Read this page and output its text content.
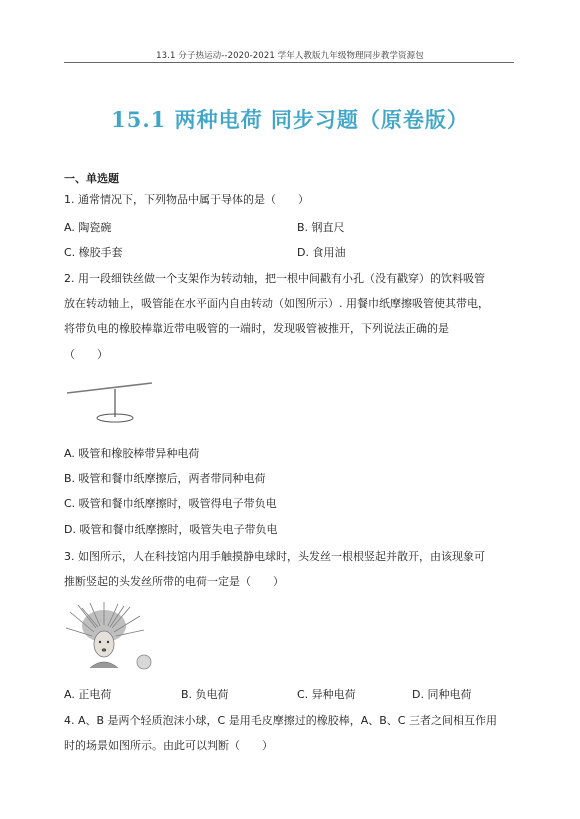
13.1 分子热运动--2020-2021 学年人教版九年级物理同步教学资源包
15.1 两种电荷 同步习题（原卷版）
一、单选题
1. 通常情况下，下列物品中属于导体的是（　　）
A. 陶瓷碗	B. 钢直尺
C. 橡胶手套	D. 食用油
2. 用一段细铁丝做一个支架作为转动轴，把一根中间戳有小孔（没有戳穿）的饮料吸管
放在转动轴上，吸管能在水平面内自由转动（如图所示）. 用餐巾纸摩擦吸管使其带电，
将带负电的橡胶棒靠近带电吸管的一端时，发现吸管被推开，下列说法正确的是
（　　）
A. 吸管和橡胶棒带异种电荷
B. 吸管和餐巾纸摩擦后，两者带同种电荷
C. 吸管和餐巾纸摩擦时，吸管得电子带负电
D. 吸管和餐巾纸摩擦时，吸管失电子带负电
3. 如图所示，人在科技馆内用手触摸静电球时，头发丝一根根竖起并散开，由该现象可
推断竖起的头发丝所带的电荷一定是（　　）
A. 正电荷	B. 负电荷	C. 异种电荷	D. 同种电荷
4. A、B 是两个轻质泡沫小球，C 是用毛皮摩擦过的橡胶棒，A、B、C 三者之间相互作用
时的场景如图所示。由此可以判断（　　）
